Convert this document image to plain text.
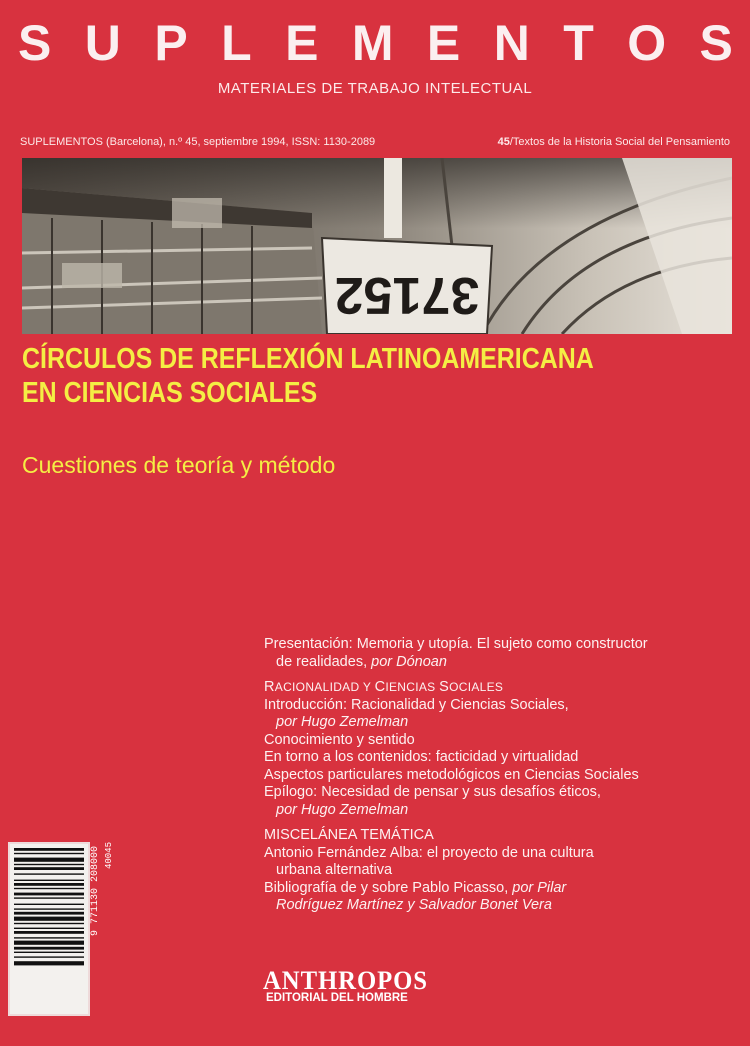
S U P L E M E N T O S
MATERIALES DE TRABAJO INTELECTUAL
SUPLEMENTOS (Barcelona), n.º 45, septiembre 1994, ISSN: 1130-2089	45/Textos de la Historia Social del Pensamiento
37152
CÍRCULOS DE REFLEXIÓN LATINOAMERICANA
EN CIENCIAS SOCIALES
Cuestiones de teoría y método

Presentación: Memoria y utopía. El sujeto como constructor

de realidades, por Dónoan

RACIONALIDAD Y CIENCIAS SOCIALES

Introducción: Racionalidad y Ciencias Sociales,

por Hugo Zemelman

Conocimiento y sentido

En torno a los contenidos: facticidad y virtualidad

Aspectos particulares metodológicos en Ciencias Sociales

Epílogo: Necesidad de pensar y sus desafíos éticos,

por Hugo Zemelman

MISCELÁNEA TEMÁTICA

Antonio Fernández Alba: el proyecto de una cultura

urbana alternativa

Bibliografía de y sobre Pablo Picasso, por Pilar

Rodríguez Martínez y Salvador Bonet Vera

9 771130 208000 40045
ANTHROPOS
EDITORIAL DEL HOMBRE
